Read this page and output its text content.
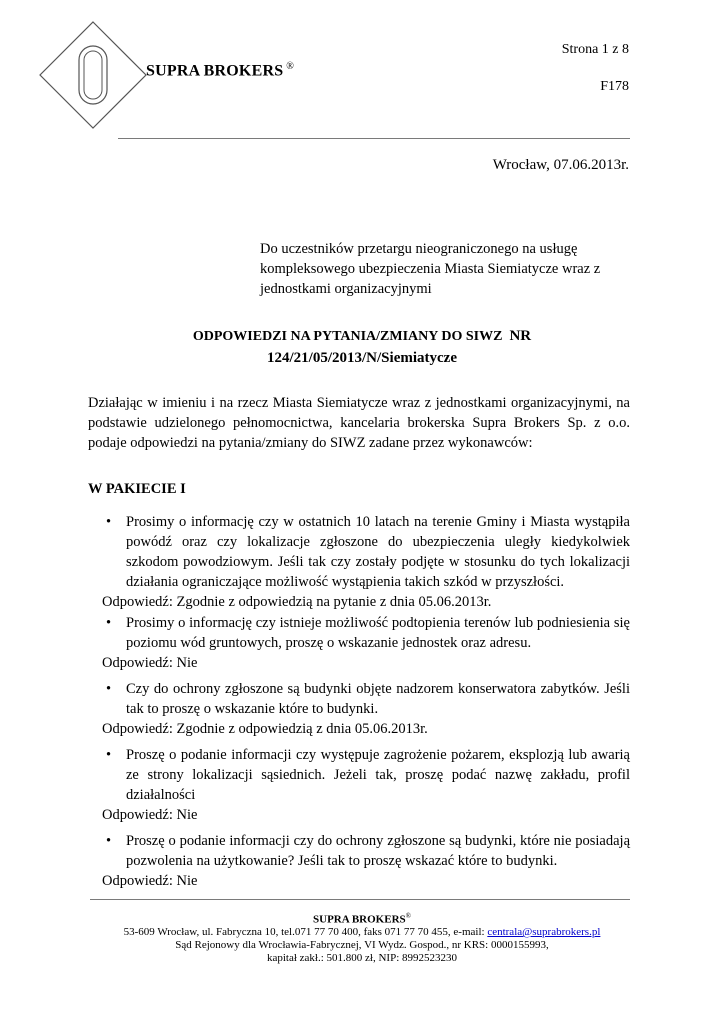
SUPRA BROKERS ®
Strona 1 z 8
F178
Wrocław, 07.06.2013r.
Do uczestników przetargu nieograniczonego na usługę
kompleksowego ubezpieczenia Miasta Siemiatycze wraz z
jednostkami organizacyjnymi
ODPOWIEDZI NA PYTANIA/ZMIANY DO SIWZ NR
124/21/05/2013/N/Siemiatycze
Działając w imieniu i na rzecz Miasta Siemiatycze wraz z jednostkami organizacyjnymi, na podstawie udzielonego pełnomocnictwa, kancelaria brokerska Supra Brokers Sp. z o.o. podaje odpowiedzi na pytania/zmiany do SIWZ zadane przez wykonawców:
W PAKIECIE I
• Prosimy o informację czy w ostatnich 10 latach na terenie Gminy i Miasta wystąpiła powódź oraz czy lokalizacje zgłoszone do ubezpieczenia uległy kiedykolwiek szkodom powodziowym. Jeśli tak czy zostały podjęte w stosunku do tych lokalizacji działania ograniczające możliwość wystąpienia takich szkód w przyszłości.
Odpowiedź: Zgodnie z odpowiedzią na pytanie z dnia 05.06.2013r.
• Prosimy o informację czy istnieje możliwość podtopienia terenów lub podniesienia się poziomu wód gruntowych, proszę o wskazanie jednostek oraz adresu.
Odpowiedź: Nie
• Czy do ochrony zgłoszone są budynki objęte nadzorem konserwatora zabytków. Jeśli tak to proszę o wskazanie które to budynki.
Odpowiedź: Zgodnie z odpowiedzią z dnia 05.06.2013r.
• Proszę o podanie informacji czy występuje zagrożenie pożarem, eksplozją lub awarią ze strony lokalizacji sąsiednich. Jeżeli tak, proszę podać nazwę zakładu, profil działalności
Odpowiedź: Nie
• Proszę o podanie informacji czy do ochrony zgłoszone są budynki, które nie posiadają pozwolenia na użytkowanie? Jeśli tak to proszę wskazać które to budynki.
Odpowiedź: Nie
SUPRA BROKERS®
53-609 Wrocław, ul. Fabryczna 10, tel.071 77 70 400, faks 071 77 70 455, e-mail: centrala@suprabrokers.pl
Sąd Rejonowy dla Wrocławia-Fabrycznej, VI Wydz. Gospod., nr KRS: 0000155993,
kapitał zakł.: 501.800 zł, NIP: 8992523230
